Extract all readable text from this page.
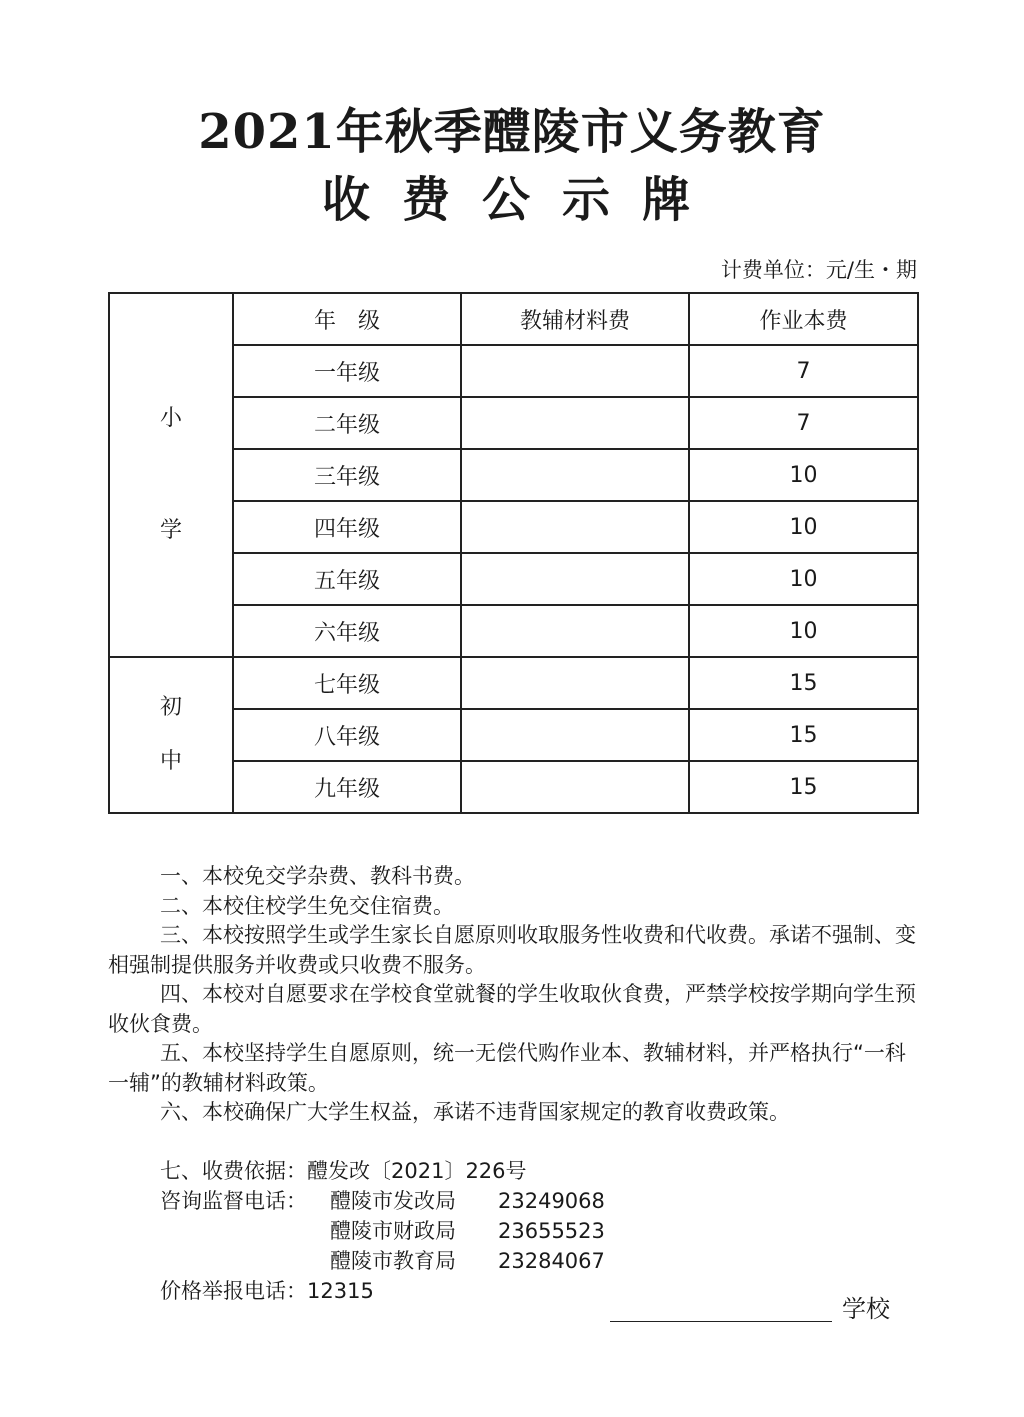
2021年秋季醴陵市义务教育
收费公示牌
计费单位：元/生・期
小
学	年　级	教辅材料费	作业本费
	一年级		7
	二年级		7
	三年级		10
	四年级		10
	五年级		10
	六年级		10

初
中	七年级		15
	八年级		15
	九年级		15

一、本校免交学杂费、教科书费。

二、本校住校学生免交住宿费。

三、本校按照学生或学生家长自愿原则收取服务性收费和代收费。承诺不强制、变相强制提供服务并收费或只收费不服务。

四、本校对自愿要求在学校食堂就餐的学生收取伙食费，严禁学校按学期向学生预收伙食费。

五、本校坚持学生自愿原则，统一无偿代购作业本、教辅材料，并严格执行“一科一辅”的教辅材料政策。

六、本校确保广大学生权益，承诺不违背国家规定的教育收费政策。

七、收费依据：醴发改〔2021〕226号
咨询监督电话： 醴陵市发改局 23249068
醴陵市财政局 23655523
醴陵市教育局 23284067
价格举报电话：12315
学校
